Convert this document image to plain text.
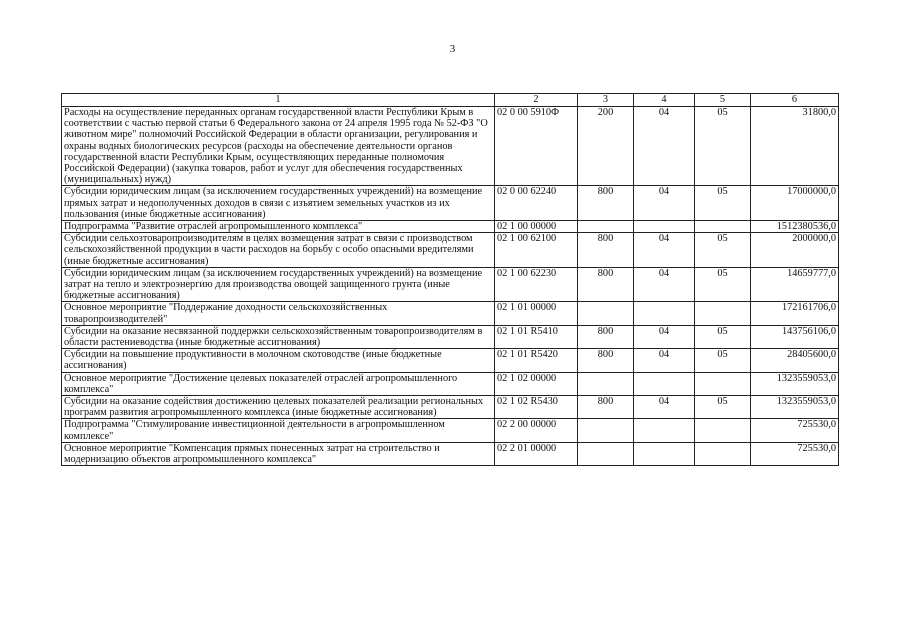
3
1	2	3	4	5	6
Расходы на осуществление переданных органам государственной власти Республики Крым в соответствии с частью первой статьи 6 Федерального закона от 24 апреля 1995 года № 52-ФЗ "О животном мире" полномочий Российской Федерации в области организации, регулирования и охраны водных биологических ресурсов (расходы на обеспечение деятельности органов государственной власти Республики Крым, осуществляющих переданные полномочия Российской Федерации) (закупка товаров, работ и услуг для обеспечения государственных (муниципальных) нужд)	02 0 00 5910Ф	200	04	05	31800,0
Субсидии юридическим лицам (за исключением государственных учреждений) на возмещение прямых затрат и недополученных доходов в связи с изъятием земельных участков из их пользования (иные бюджетные ассигнования)	02 0 00 62240	800	04	05	17000000,0
Подпрограмма "Развитие отраслей агропромышленного комплекса"	02 1 00 00000				1512380536,0
Субсидии сельхозтоваропроизводителям в целях возмещения затрат в связи с производством сельскохозяйственной продукции в части расходов на борьбу с особо опасными вредителями (иные бюджетные ассигнования)	02 1 00 62100	800	04	05	2000000,0
Субсидии юридическим лицам (за исключением государственных учреждений) на возмещение затрат на тепло и электроэнергию для производства овощей защищенного грунта (иные бюджетные ассигнования)	02 1 00 62230	800	04	05	14659777,0
Основное мероприятие "Поддержание доходности сельскохозяйственных товаропроизводителей"	02 1 01 00000				172161706,0
Субсидии на оказание несвязанной поддержки сельскохозяйственным товаропроизводителям в области растениеводства (иные бюджетные ассигнования)	02 1 01 R5410	800	04	05	143756106,0
Субсидии на повышение продуктивности в молочном скотоводстве (иные бюджетные ассигнования)	02 1 01 R5420	800	04	05	28405600,0
Основное мероприятие "Достижение целевых показателей отраслей агропромышленного комплекса"	02 1 02 00000				1323559053,0
Субсидии на оказание содействия достижению целевых показателей реализации региональных программ развития агропромышленного комплекса (иные бюджетные ассигнования)	02 1 02 R5430	800	04	05	1323559053,0
Подпрограмма "Стимулирование инвестиционной деятельности в агропромышленном комплексе"	02 2 00 00000				725530,0
Основное мероприятие "Компенсация прямых понесенных затрат на строительство и модернизацию объектов агропромышленного комплекса"	02 2 01 00000				725530,0
